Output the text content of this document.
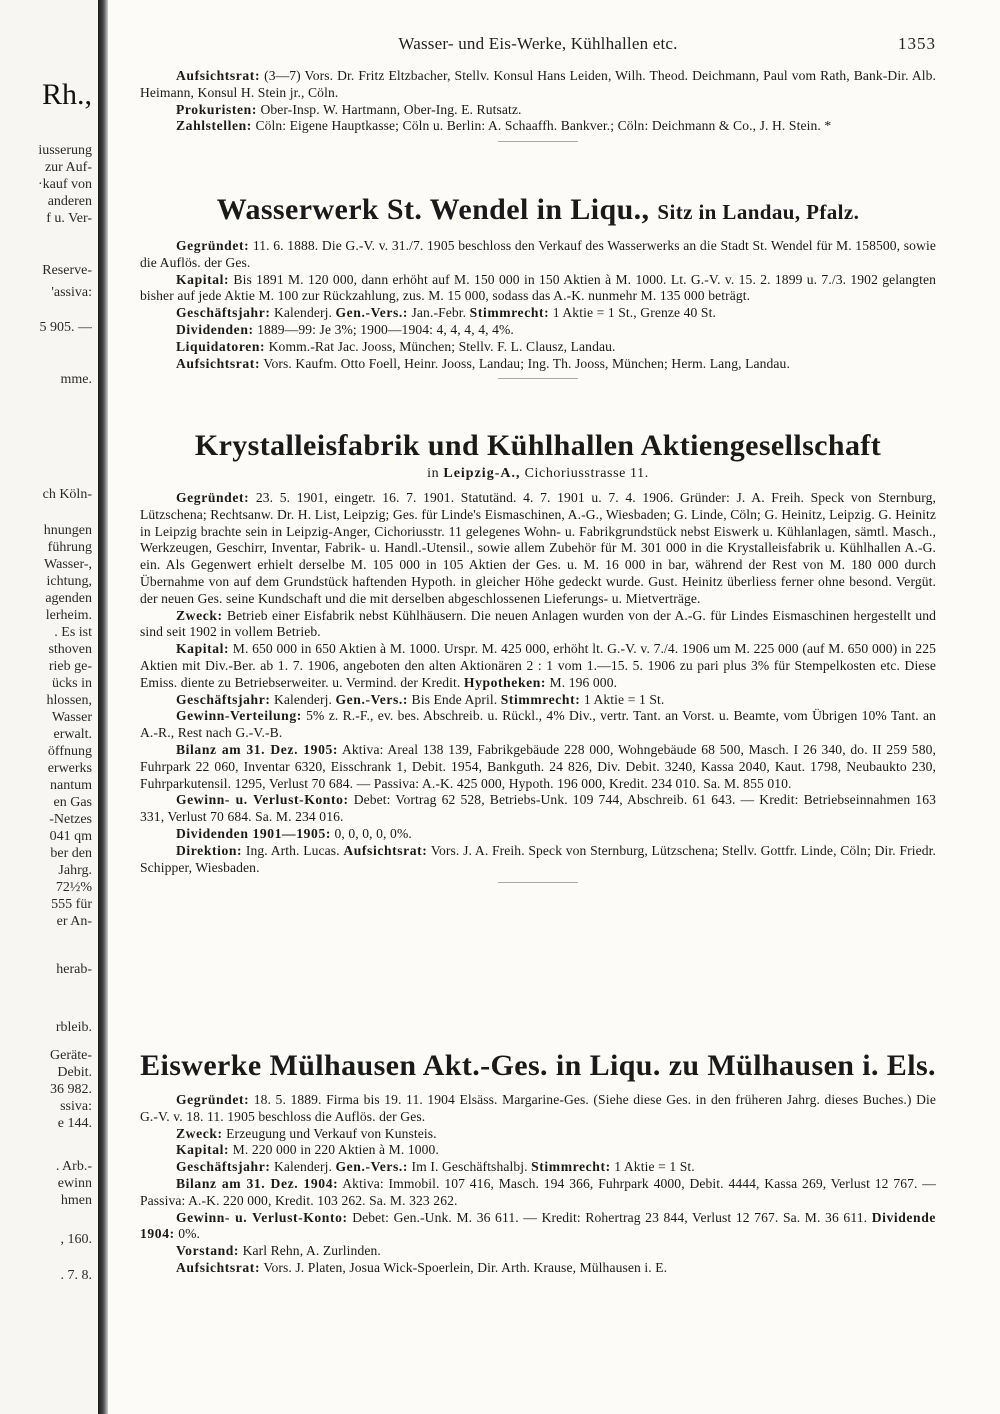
Rh.,
iusserung
zur Auf-
·kauf von
anderen
f u. Ver-
Reserve-
'assiva:
5 905. —
mme.
ch Köln-
hnungen
führung
Wasser-,
ichtung,
agenden
lerheim.
. Es ist
sthoven
rieb ge-
ücks in
hlossen,
Wasser
erwalt.
öffnung
erwerks
nantum
en Gas
-Netzes
041 qm
ber den
Jahrg.
72½%
555 für
er An-
herab-
rbleib.
Geräte-
Debit.
36 982.
ssiva:
e 144.
. Arb.-
ewinn
hmen
, 160.
. 7. 8.
Wasser- und Eis-Werke, Kühlhallen etc.	1353

Aufsichtsrat: (3—7) Vors. Dr. Fritz Eltzbacher, Stellv. Konsul Hans Leiden, Wilh. Theod. Deichmann, Paul vom Rath, Bank-Dir. Alb. Heimann, Konsul H. Stein jr., Cöln.

Prokuristen: Ober-Insp. W. Hartmann, Ober-Ing. E. Rutsatz.

Zahlstellen: Cöln: Eigene Hauptkasse; Cöln u. Berlin: A. Schaaffh. Bankver.; Cöln: Deichmann & Co., J. H. Stein. *

Wasserwerk St. Wendel in Liqu., Sitz in Landau, Pfalz.

Gegründet: 11. 6. 1888. Die G.-V. v. 31./7. 1905 beschloss den Verkauf des Wasserwerks an die Stadt St. Wendel für M. 158500, sowie die Auflös. der Ges.

Kapital: Bis 1891 M. 120 000, dann erhöht auf M. 150 000 in 150 Aktien à M. 1000. Lt. G.-V. v. 15. 2. 1899 u. 7./3. 1902 gelangten bisher auf jede Aktie M. 100 zur Rückzahlung, zus. M. 15 000, sodass das A.-K. nunmehr M. 135 000 beträgt.

Geschäftsjahr: Kalenderj. Gen.-Vers.: Jan.-Febr. Stimmrecht: 1 Aktie = 1 St., Grenze 40 St.

Dividenden: 1889—99: Je 3%; 1900—1904: 4, 4, 4, 4, 4%.

Liquidatoren: Komm.-Rat Jac. Jooss, München; Stellv. F. L. Clausz, Landau.

Aufsichtsrat: Vors. Kaufm. Otto Foell, Heinr. Jooss, Landau; Ing. Th. Jooss, München; Herm. Lang, Landau.

Krystalleisfabrik und Kühlhallen Aktiengesellschaft
in Leipzig-A., Cichoriusstrasse 11.

Gegründet: 23. 5. 1901, eingetr. 16. 7. 1901. Statutänd. 4. 7. 1901 u. 7. 4. 1906. Gründer: J. A. Freih. Speck von Sternburg, Lützschena; Rechtsanw. Dr. H. List, Leipzig; Ges. für Linde's Eismaschinen, A.-G., Wiesbaden; G. Linde, Cöln; G. Heinitz, Leipzig. G. Heinitz in Leipzig brachte sein in Leipzig-Anger, Cichoriusstr. 11 gelegenes Wohn- u. Fabrikgrundstück nebst Eiswerk u. Kühlanlagen, sämtl. Masch., Werkzeugen, Geschirr, Inventar, Fabrik- u. Handl.-Utensil., sowie allem Zubehör für M. 301 000 in die Krystalleisfabrik u. Kühlhallen A.-G. ein. Als Gegenwert erhielt derselbe M. 105 000 in 105 Aktien der Ges. u. M. 16 000 in bar, während der Rest von M. 180 000 durch Übernahme von auf dem Grundstück haftenden Hypoth. in gleicher Höhe gedeckt wurde. Gust. Heinitz überliess ferner ohne besond. Vergüt. der neuen Ges. seine Kundschaft und die mit derselben abgeschlossenen Lieferungs- u. Mietverträge.

Zweck: Betrieb einer Eisfabrik nebst Kühlhäusern. Die neuen Anlagen wurden von der A.-G. für Lindes Eismaschinen hergestellt und sind seit 1902 in vollem Betrieb.

Kapital: M. 650 000 in 650 Aktien à M. 1000. Urspr. M. 425 000, erhöht lt. G.-V. v. 7./4. 1906 um M. 225 000 (auf M. 650 000) in 225 Aktien mit Div.-Ber. ab 1. 7. 1906, angeboten den alten Aktionären 2 : 1 vom 1.—15. 5. 1906 zu pari plus 3% für Stempelkosten etc. Diese Emiss. diente zu Betriebserweiter. u. Vermind. der Kredit. Hypotheken: M. 196 000.

Geschäftsjahr: Kalenderj. Gen.-Vers.: Bis Ende April. Stimmrecht: 1 Aktie = 1 St.

Gewinn-Verteilung: 5% z. R.-F., ev. bes. Abschreib. u. Rückl., 4% Div., vertr. Tant. an Vorst. u. Beamte, vom Übrigen 10% Tant. an A.-R., Rest nach G.-V.-B.

Bilanz am 31. Dez. 1905: Aktiva: Areal 138 139, Fabrikgebäude 228 000, Wohngebäude 68 500, Masch. I 26 340, do. II 259 580, Fuhrpark 22 060, Inventar 6320, Eisschrank 1, Debit. 1954, Bankguth. 24 826, Div. Debit. 3240, Kassa 2040, Kaut. 1798, Neubaukto 230, Fuhrparkutensil. 1295, Verlust 70 684. — Passiva: A.-K. 425 000, Hypoth. 196 000, Kredit. 234 010. Sa. M. 855 010.

Gewinn- u. Verlust-Konto: Debet: Vortrag 62 528, Betriebs-Unk. 109 744, Abschreib. 61 643. — Kredit: Betriebseinnahmen 163 331, Verlust 70 684. Sa. M. 234 016.

Dividenden 1901—1905: 0, 0, 0, 0, 0%.

Direktion: Ing. Arth. Lucas. Aufsichtsrat: Vors. J. A. Freih. Speck von Sternburg, Lützschena; Stellv. Gottfr. Linde, Cöln; Dir. Friedr. Schipper, Wiesbaden.

Eiswerke Mülhausen Akt.-Ges. in Liqu. zu Mülhausen i. Els.

Gegründet: 18. 5. 1889. Firma bis 19. 11. 1904 Elsäss. Margarine-Ges. (Siehe diese Ges. in den früheren Jahrg. dieses Buches.) Die G.-V. v. 18. 11. 1905 beschloss die Auflös. der Ges.

Zweck: Erzeugung und Verkauf von Kunsteis.

Kapital: M. 220 000 in 220 Aktien à M. 1000.

Geschäftsjahr: Kalenderj. Gen.-Vers.: Im I. Geschäftshalbj. Stimmrecht: 1 Aktie = 1 St.

Bilanz am 31. Dez. 1904: Aktiva: Immobil. 107 416, Masch. 194 366, Fuhrpark 4000, Debit. 4444, Kassa 269, Verlust 12 767. — Passiva: A.-K. 220 000, Kredit. 103 262. Sa. M. 323 262.

Gewinn- u. Verlust-Konto: Debet: Gen.-Unk. M. 36 611. — Kredit: Rohertrag 23 844, Verlust 12 767. Sa. M. 36 611. Dividende 1904: 0%.

Vorstand: Karl Rehn, A. Zurlinden.

Aufsichtsrat: Vors. J. Platen, Josua Wick-Spoerlein, Dir. Arth. Krause, Mülhausen i. E.
